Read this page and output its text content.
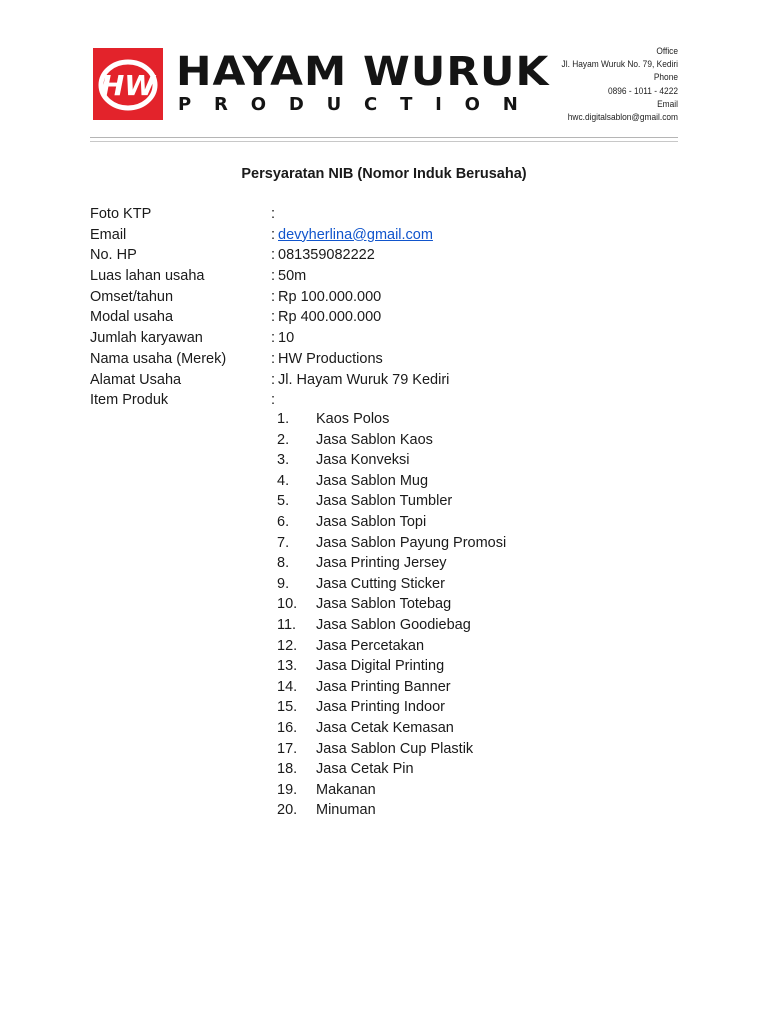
HW HAYAM WURUK
P R O D U C T I O N
Office
Jl. Hayam Wuruk No. 79, Kediri
Phone
0896 - 1011 - 4222
Email
hwc.digitalsablon@gmail.com
Persyaratan NIB (Nomor Induk Berusaha)
Foto KTP	:
Email	: devyherlina@gmail.com
No. HP	: 081359082222
Luas lahan usaha	: 50m
Omset/tahun	: Rp 100.000.000
Modal usaha	: Rp 400.000.000
Jumlah karyawan	: 10
Nama usaha (Merek)	: HW Productions
Alamat Usaha	: Jl. Hayam Wuruk 79 Kediri
Item Produk	:
1.	Kaos Polos
2.	Jasa Sablon Kaos
3.	Jasa Konveksi
4.	Jasa Sablon Mug
5.	Jasa Sablon Tumbler
6.	Jasa Sablon Topi
7.	Jasa Sablon Payung Promosi
8.	Jasa Printing Jersey
9.	Jasa Cutting Sticker
10.	Jasa Sablon Totebag
11.	Jasa Sablon Goodiebag
12.	Jasa Percetakan
13.	Jasa Digital Printing
14.	Jasa Printing Banner
15.	Jasa Printing Indoor
16.	Jasa Cetak Kemasan
17.	Jasa Sablon Cup Plastik
18.	Jasa Cetak Pin
19.	Makanan
20.	Minuman
